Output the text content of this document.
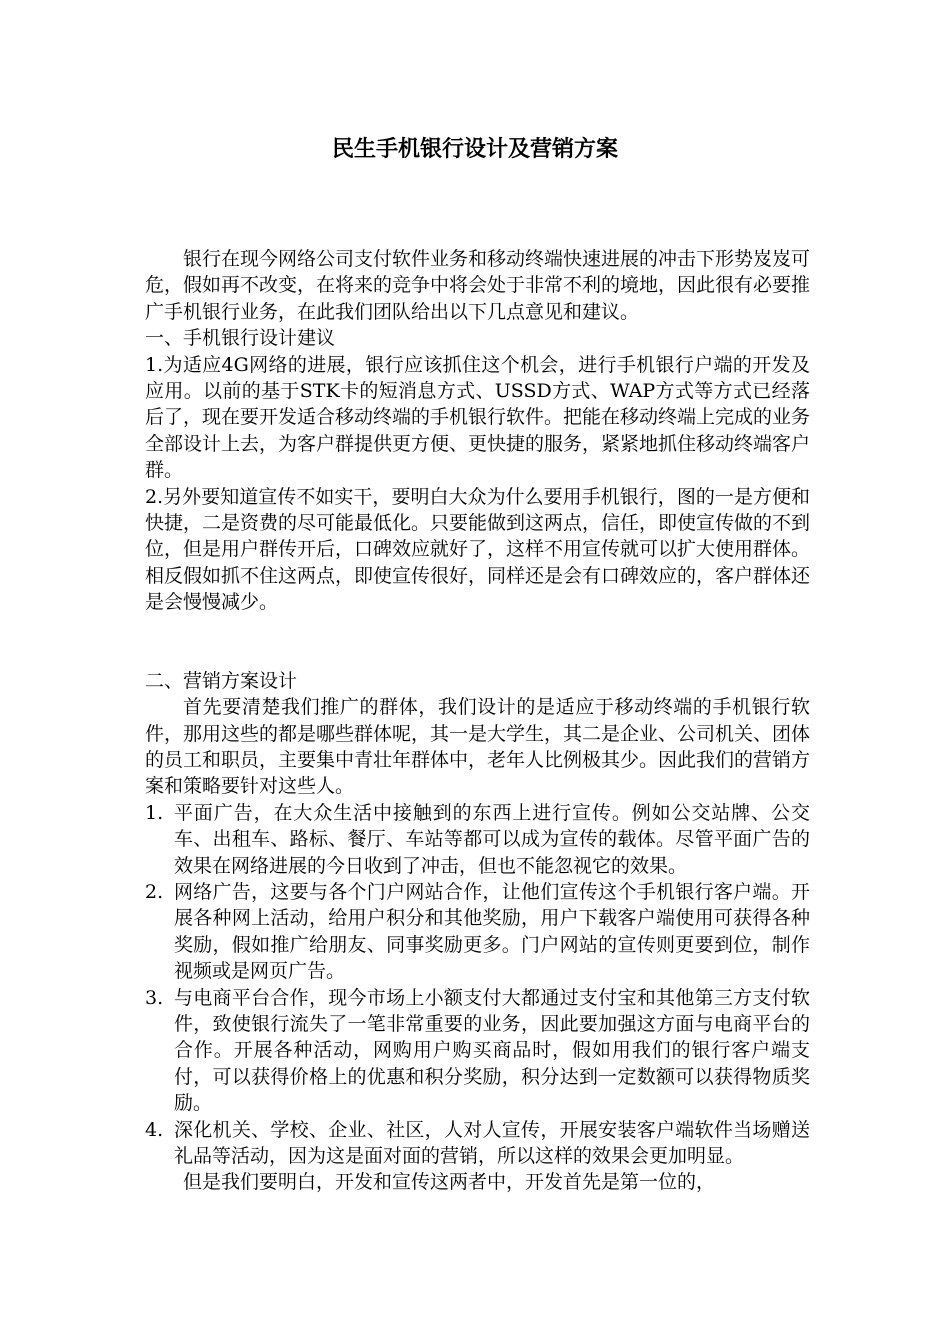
民生手机银行设计及营销方案

银行在现今网络公司支付软件业务和移动终端快速进展的冲击下形势岌岌可危，假如再不改变，在将来的竞争中将会处于非常不利的境地，因此很有必要推广手机银行业务，在此我们团队给出以下几点意见和建议。

一、手机银行设计建议

1.为适应4G网络的进展，银行应该抓住这个机会，进行手机银行户端的开发及应用。以前的基于STK卡的短消息方式、USSD方式、WAP方式等方式已经落后了，现在要开发适合移动终端的手机银行软件。把能在移动终端上完成的业务全部设计上去，为客户群提供更方便、更快捷的服务，紧紧地抓住移动终端客户群。

2.另外要知道宣传不如实干，要明白大众为什么要用手机银行，图的一是方便和快捷，二是资费的尽可能最低化。只要能做到这两点，信任，即使宣传做的不到位，但是用户群传开后，口碑效应就好了，这样不用宣传就可以扩大使用群体。相反假如抓不住这两点，即使宣传很好，同样还是会有口碑效应的，客户群体还是会慢慢减少。

二、营销方案设计

首先要清楚我们推广的群体，我们设计的是适应于移动终端的手机银行软件，那用这些的都是哪些群体呢，其一是大学生，其二是企业、公司机关、团体的员工和职员，主要集中青壮年群体中，老年人比例极其少。因此我们的营销方案和策略要针对这些人。

1. 平面广告，在大众生活中接触到的东西上进行宣传。例如公交站牌、公交车、出租车、路标、餐厅、车站等都可以成为宣传的载体。尽管平面广告的效果在网络进展的今日收到了冲击，但也不能忽视它的效果。
2. 网络广告，这要与各个门户网站合作，让他们宣传这个手机银行客户端。开展各种网上活动，给用户积分和其他奖励，用户下载客户端使用可获得各种奖励，假如推广给朋友、同事奖励更多。门户网站的宣传则更要到位，制作视频或是网页广告。
3. 与电商平台合作，现今市场上小额支付大都通过支付宝和其他第三方支付软件，致使银行流失了一笔非常重要的业务，因此要加强这方面与电商平台的合作。开展各种活动，网购用户购买商品时，假如用我们的银行客户端支付，可以获得价格上的优惠和积分奖励，积分达到一定数额可以获得物质奖励。
4. 深化机关、学校、企业、社区，人对人宣传，开展安装客户端软件当场赠送礼品等活动，因为这是面对面的营销，所以这样的效果会更加明显。

但是我们要明白，开发和宣传这两者中，开发首先是第一位的，
